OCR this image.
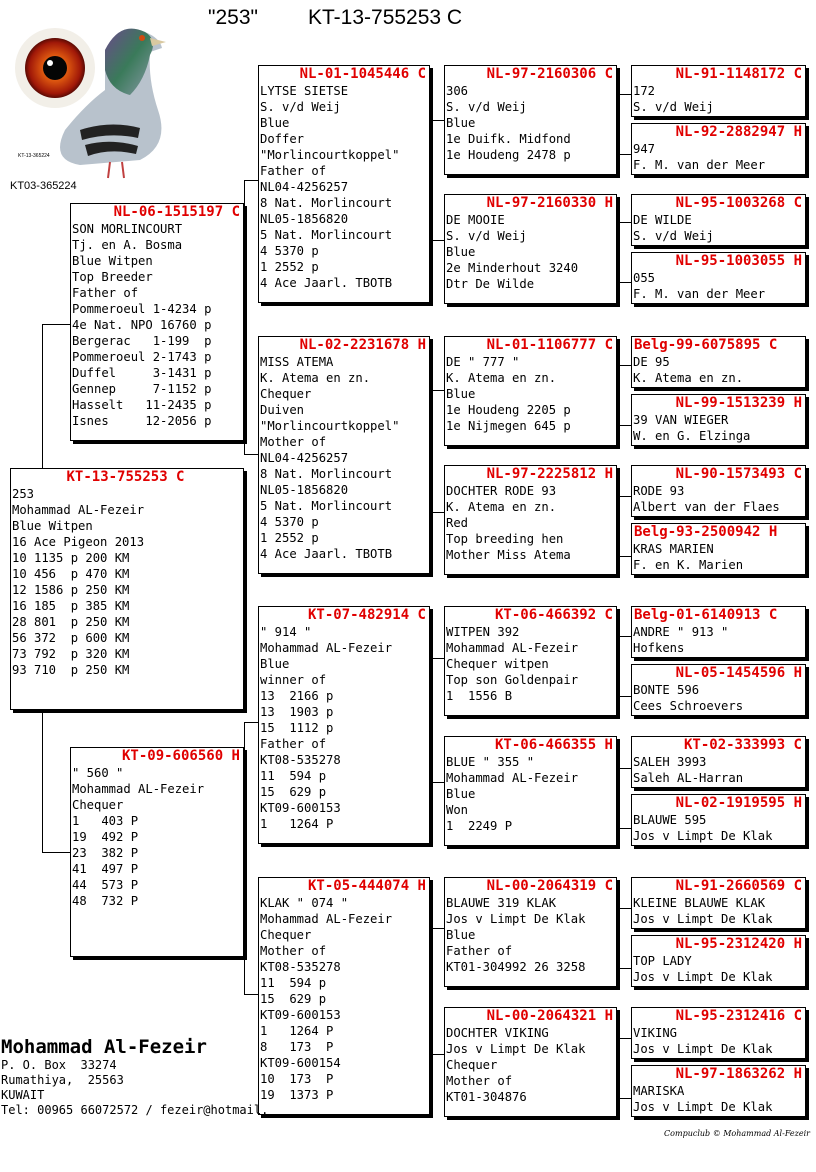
"253" KT-13-755253 C
KT-13-365224
KT03-365224
KT-13-755253 C
253
Mohammad AL-Fezeir
Blue Witpen
16 Ace Pigeon 2013
10 1135 p 200 KM
10 456  p 470 KM
12 1586 p 250 KM
16 185  p 385 KM
28 801  p 250 KM
56 372  p 600 KM
73 792  p 320 KM
93 710  p 250 KM
NL-06-1515197 C
SON MORLINCOURT
Tj. en A. Bosma
Blue Witpen
Top Breeder
Father of
Pommeroeul 1-4234 p
4e Nat. NPO 16760 p
Bergerac   1-199  p
Pommeroeul 2-1743 p
Duffel     3-1431 p
Gennep     7-1152 p
Hasselt   11-2435 p
Isnes     12-2056 p
KT-09-606560 H
" 560 "
Mohammad AL-Fezeir
Chequer
1   403 P
19  492 P
23  382 P
41  497 P
44  573 P
48  732 P
NL-01-1045446 C
LYTSE SIETSE
S. v/d Weij
Blue
Doffer
"Morlincourtkoppel"
Father of
NL04-4256257
8 Nat. Morlincourt
NL05-1856820
5 Nat. Morlincourt
4 5370 p
1 2552 p
4 Ace Jaarl. TBOTB
NL-02-2231678 H
MISS ATEMA
K. Atema en zn.
Chequer
Duiven
"Morlincourtkoppel"
Mother of
NL04-4256257
8 Nat. Morlincourt
NL05-1856820
5 Nat. Morlincourt
4 5370 p
1 2552 p
4 Ace Jaarl. TBOTB
KT-07-482914 C
" 914 "
Mohammad AL-Fezeir
Blue
winner of
13  2166 p
13  1903 p
15  1112 p
Father of
KT08-535278
11  594 p
15  629 p
KT09-600153
1   1264 P
KT-05-444074 H
KLAK " 074 "
Mohammad AL-Fezeir
Chequer
Mother of
KT08-535278
11  594 p
15  629 p
KT09-600153
1   1264 P
8   173  P
KT09-600154
10  173  P
19  1373 P
NL-97-2160306 C
306
S. v/d Weij
Blue
1e Duifk. Midfond
1e Houdeng 2478 p
NL-97-2160330 H
DE MOOIE
S. v/d Weij
Blue
2e Minderhout 3240
Dtr De Wilde
NL-01-1106777 C
DE " 777 "
K. Atema en zn.
Blue
1e Houdeng 2205 p
1e Nijmegen 645 p
NL-97-2225812 H
DOCHTER RODE 93
K. Atema en zn.
Red
Top breeding hen
Mother Miss Atema
KT-06-466392 C
WITPEN 392
Mohammad AL-Fezeir
Chequer witpen
Top son Goldenpair
1  1556 B
KT-06-466355 H
BLUE " 355 "
Mohammad AL-Fezeir
Blue
Won
1  2249 P
NL-00-2064319 C
BLAUWE 319 KLAK
Jos v Limpt De Klak
Blue
Father of
KT01-304992 26 3258
NL-00-2064321 H
DOCHTER VIKING
Jos v Limpt De Klak
Chequer
Mother of
KT01-304876
NL-91-1148172 C
172
S. v/d Weij
NL-92-2882947 H
947
F. M. van der Meer
NL-95-1003268 C
DE WILDE
S. v/d Weij
NL-95-1003055 H
055
F. M. van der Meer
Belg-99-6075895 C
DE 95
K. Atema en zn.
NL-99-1513239 H
39 VAN WIEGER
W. en G. Elzinga
NL-90-1573493 C
RODE 93
Albert van der Flaes
Belg-93-2500942 H
KRAS MARIEN
F. en K. Marien
Belg-01-6140913 C
ANDRE " 913 "
Hofkens
NL-05-1454596 H
BONTE 596
Cees Schroevers
KT-02-333993 C
SALEH 3993
Saleh AL-Harran
NL-02-1919595 H
BLAUWE 595
Jos v Limpt De Klak
NL-91-2660569 C
KLEINE BLAUWE KLAK
Jos v Limpt De Klak
NL-95-2312420 H
TOP LADY
Jos v Limpt De Klak
NL-95-2312416 C
VIKING
Jos v Limpt De Klak
NL-97-1863262 H
MARISKA
Jos v Limpt De Klak
Mohammad Al-Fezeir
P. O. Box  33274
Rumathiya,  25563
KUWAIT
Tel: 00965 66072572 / fezeir@hotmail.
Compuclub © Mohammad Al-Fezeir
